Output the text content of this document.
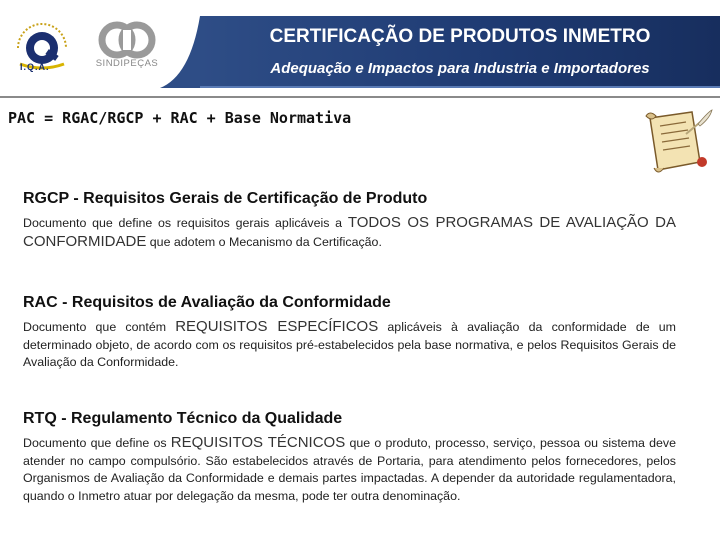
I.Q.A.	SINDIPEÇAS
CERTIFICAÇÃO DE PRODUTOS INMETRO
Adequação e Impactos para Industria e Importadores
PAC = RGAC/RGCP + RAC + Base Normativa

RGCP - Requisitos Gerais de Certificação de Produto

Documento que define os requisitos gerais aplicáveis a TODOS OS PROGRAMAS DE AVALIAÇÃO DA CONFORMIDADE que adotem o Mecanismo da Certificação.

RAC - Requisitos de Avaliação da Conformidade

Documento que contém REQUISITOS ESPECÍFICOS aplicáveis à avaliação da conformidade de um determinado objeto, de acordo com os requisitos pré-estabelecidos pela base normativa, e pelos Requisitos Gerais de Avaliação da Conformidade.

RTQ - Regulamento Técnico da Qualidade

Documento que define os REQUISITOS TÉCNICOS que o produto, processo, serviço, pessoa ou sistema deve atender no campo compulsório. São estabelecidos através de Portaria, para atendimento pelos fornecedores, pelos Organismos de Avaliação da Conformidade e demais partes impactadas. A depender da autoridade regulamentadora, quando o Inmetro atuar por delegação da mesma, pode ter outra denominação.
